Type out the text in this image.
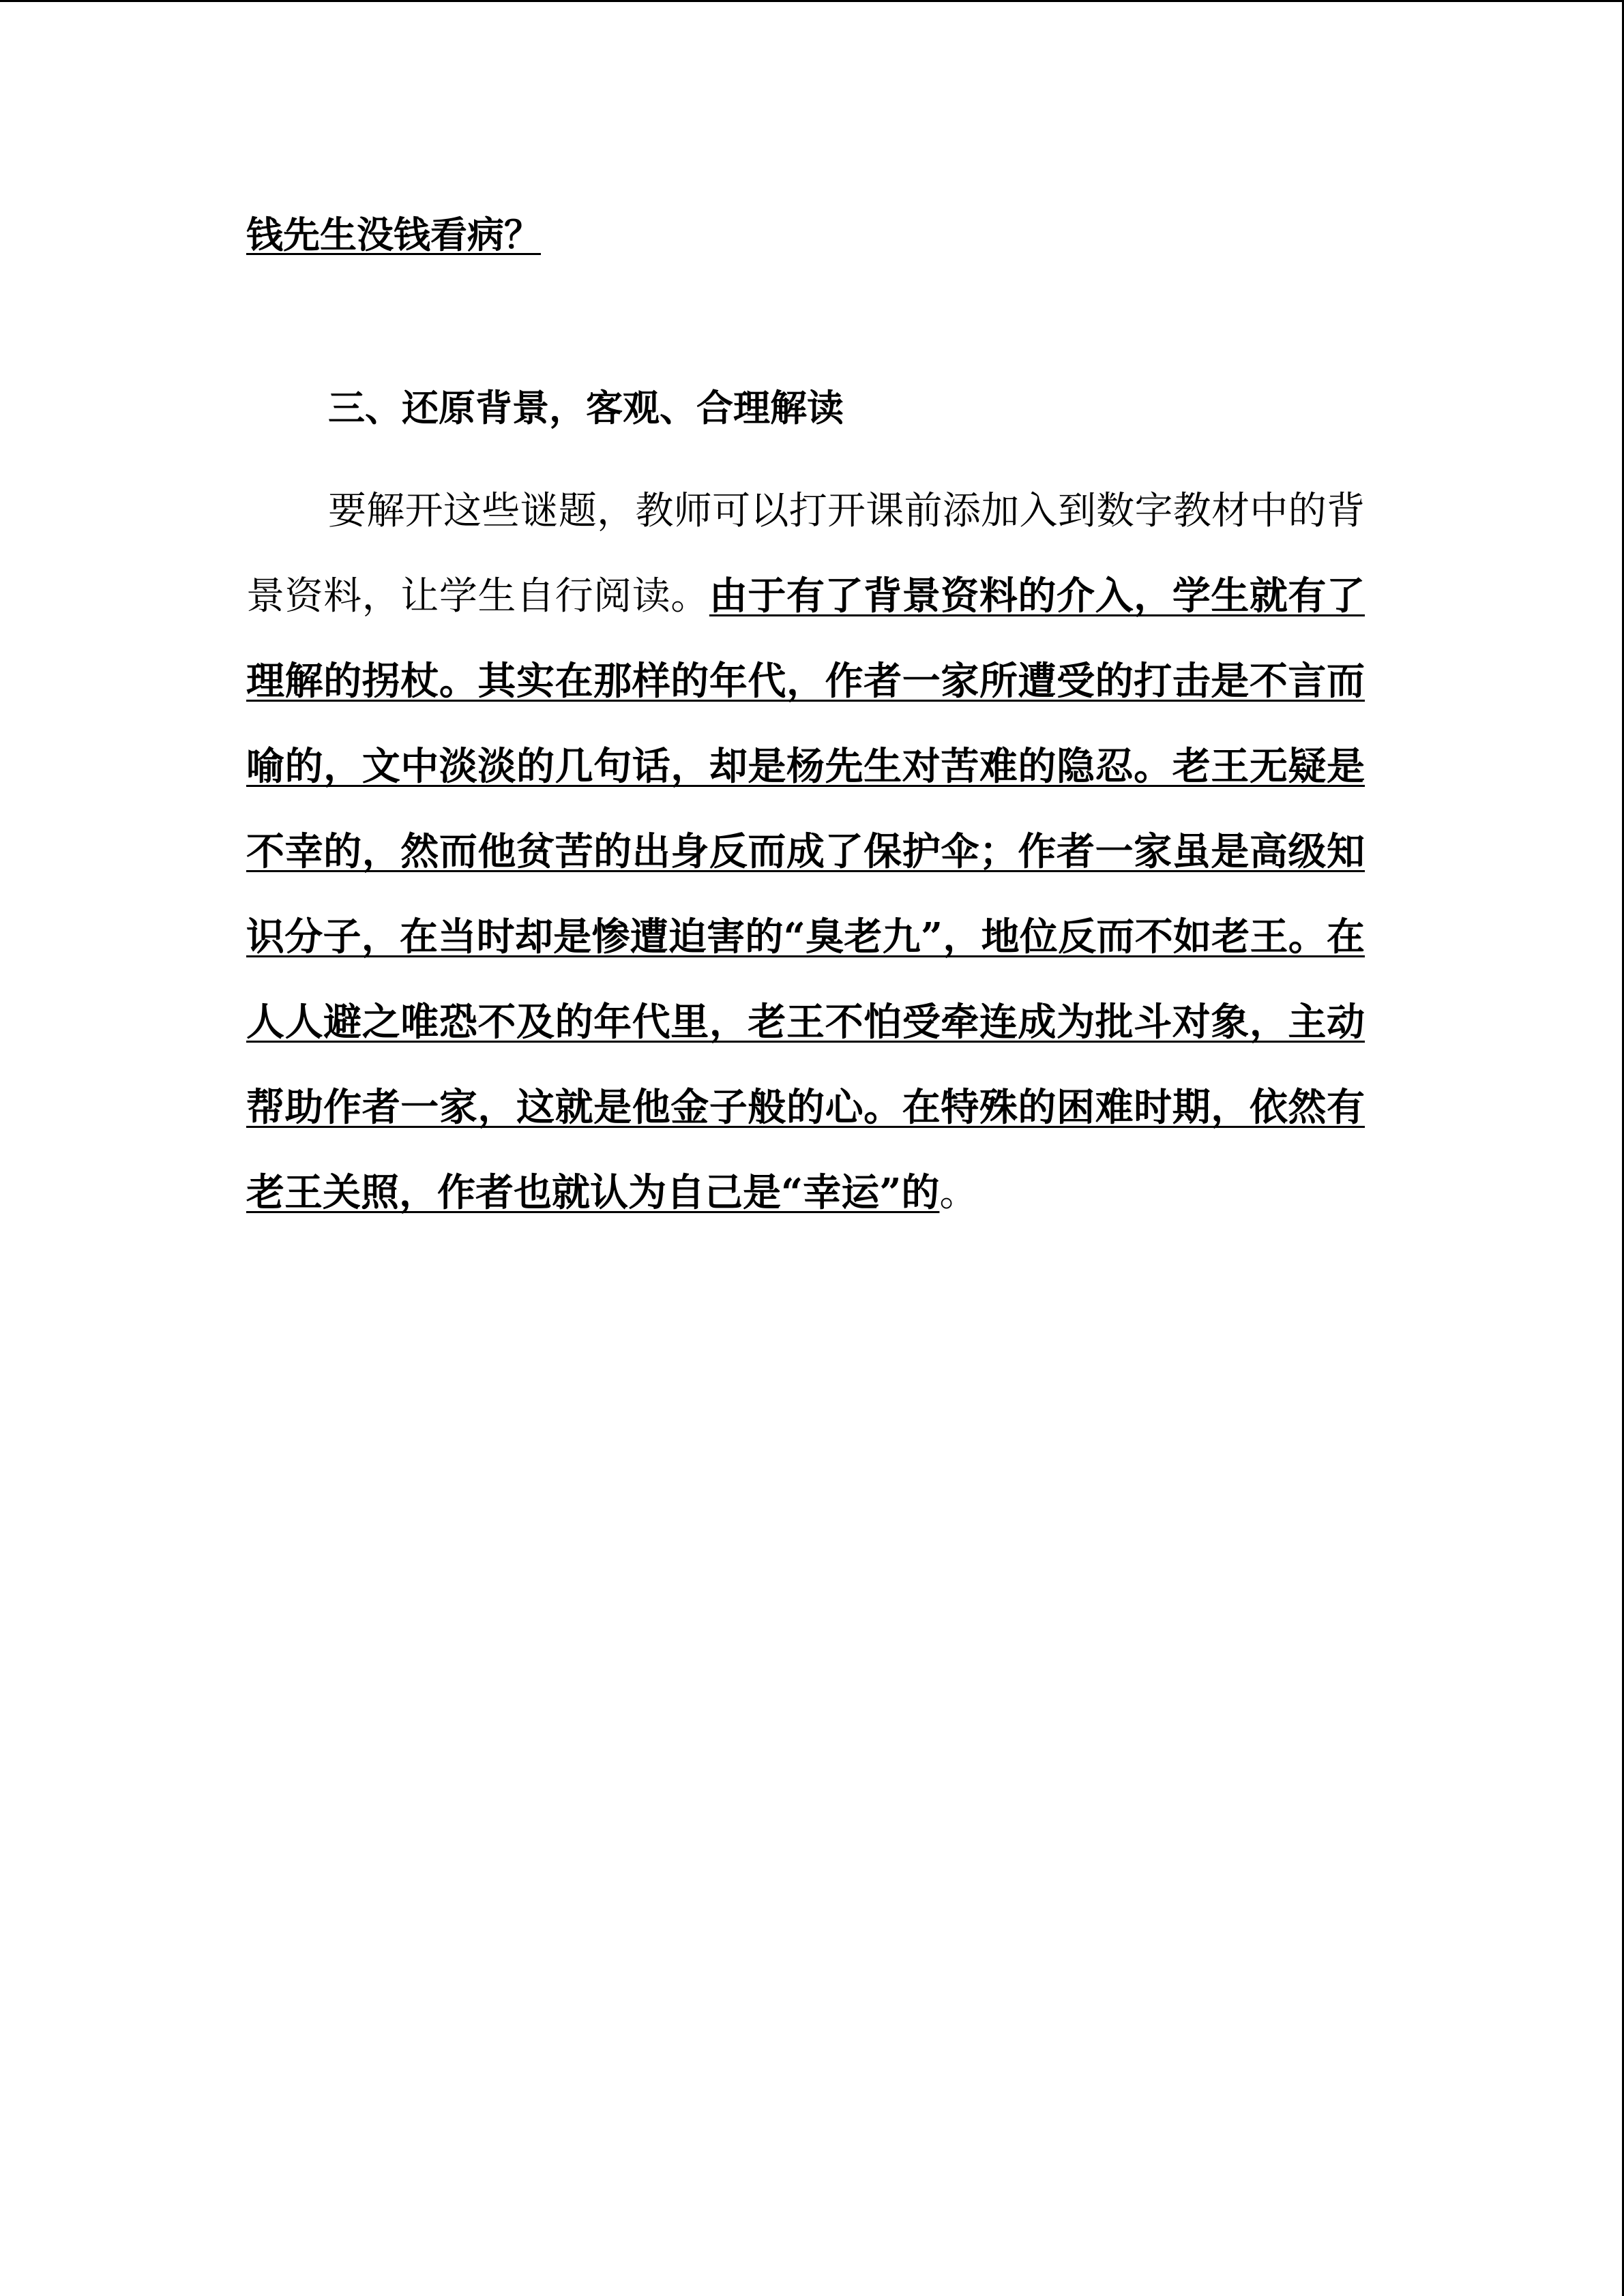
钱先生没钱看病？
三、还原背景，客观、合理解读

要解开这些谜题，教师可以打开课前添加入到数字教材中的背景资料，让学生自行阅读。由于有了背景资料的介入，学生就有了理解的拐杖。其实在那样的年代，作者一家所遭受的打击是不言而喻的，文中淡淡的几句话，却是杨先生对苦难的隐忍。老王无疑是不幸的，然而他贫苦的出身反而成了保护伞；作者一家虽是高级知识分子，在当时却是惨遭迫害的“臭老九”，地位反而不如老王。在人人避之唯恐不及的年代里，老王不怕受牵连成为批斗对象，主动帮助作者一家，这就是他金子般的心。在特殊的困难时期，依然有老王关照，作者也就认为自己是“幸运”的。
